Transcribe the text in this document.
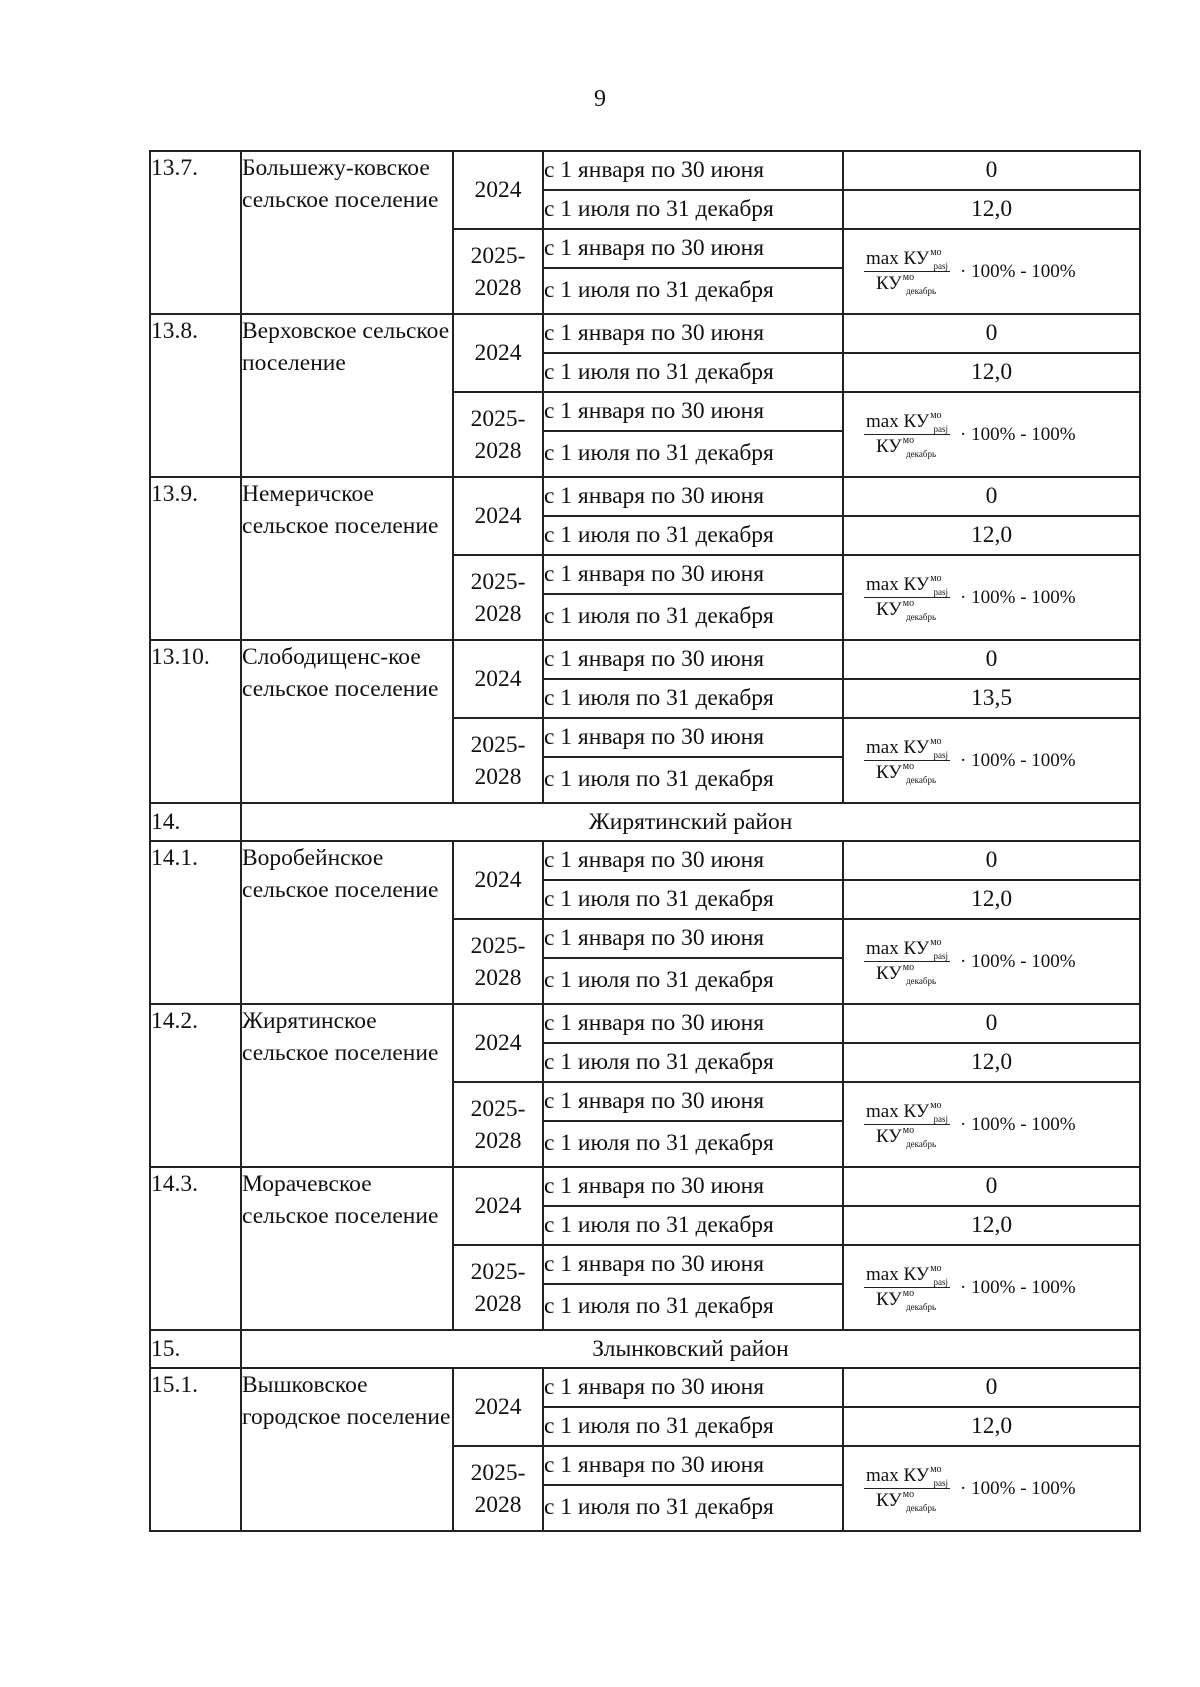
9
13.7.	Большежу-ковское сельское поселение	2024	с 1 января по 30 июня	0
			с 1 июля по 31 декабря	12,0
		2025-2028	с 1 января по 30 июня	$\frac{\max КУ^{мо}_{pasj}}{КУ^{мо}_{декабрь}} \cdot 100\% - 100\%$

			с 1 июля по 31 декабря	
13.8.	Верховское сельское поселение	2024	с 1 января по 30 июня	0
			с 1 июля по 31 декабря	12,0
		2025-2028	с 1 января по 30 июня	$\frac{\max КУ^{мо}_{pasj}}{КУ^{мо}_{декабрь}} \cdot 100\% - 100\%$

			с 1 июля по 31 декабря	
13.9.	Немеричское сельское поселение	2024	с 1 января по 30 июня	0
			с 1 июля по 31 декабря	12,0
		2025-2028	с 1 января по 30 июня	$\frac{\max КУ^{мо}_{pasj}}{КУ^{мо}_{декабрь}} \cdot 100\% - 100\%$

			с 1 июля по 31 декабря	
13.10.	Слободищенс-кое сельское поселение	2024	с 1 января по 30 июня	0
			с 1 июля по 31 декабря	13,5
		2025-2028	с 1 января по 30 июня	$\frac{\max КУ^{мо}_{pasj}}{КУ^{мо}_{декабрь}} \cdot 100\% - 100\%$

			с 1 июля по 31 декабря	
14.	Жирятинский район			
14.1.	Воробейнское сельское поселение	2024	с 1 января по 30 июня	0
			с 1 июля по 31 декабря	12,0
		2025-2028	с 1 января по 30 июня	$\frac{\max КУ^{мо}_{pasj}}{КУ^{мо}_{декабрь}} \cdot 100\% - 100\%$

			с 1 июля по 31 декабря	
14.2.	Жирятинское сельское поселение	2024	с 1 января по 30 июня	0
			с 1 июля по 31 декабря	12,0
		2025-2028	с 1 января по 30 июня	$\frac{\max КУ^{мо}_{pasj}}{КУ^{мо}_{декабрь}} \cdot 100\% - 100\%$

			с 1 июля по 31 декабря	
14.3.	Морачевское сельское поселение	2024	с 1 января по 30 июня	0
			с 1 июля по 31 декабря	12,0
		2025-2028	с 1 января по 30 июня	$\frac{\max КУ^{мо}_{pasj}}{КУ^{мо}_{декабрь}} \cdot 100\% - 100\%$

			с 1 июля по 31 декабря	
15.	Злынковский район			
15.1.	Вышковское городское поселение	2024	с 1 января по 30 июня	0
			с 1 июля по 31 декабря	12,0
		2025-2028	с 1 января по 30 июня	$\frac{\max КУ^{мо}_{pasj}}{КУ^{мо}_{декабрь}} \cdot 100\% - 100\%$

			с 1 июля по 31 декабря	
